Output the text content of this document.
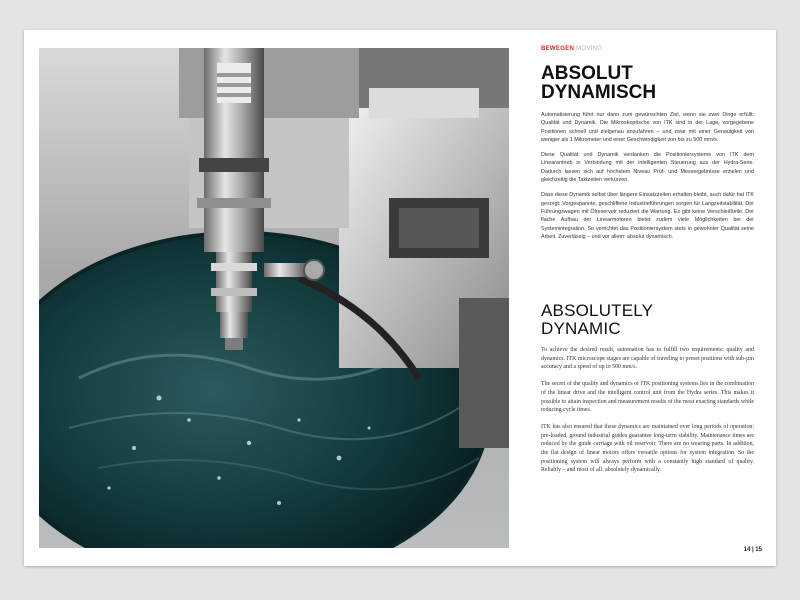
BEWEGEN MOVING
ABSOLUT
DYNAMISCH

Automatisierung führt nur dann zum gewünschten Ziel, wenn sie zwei Dinge erfüllt: Qualität und Dynamik. Die Mikroskoptische von ITK sind in der Lage, vorgegebene Positionen schnell und zielgenau anzufahren – und zwar mit einer Genauigkeit von weniger als 1 Mikrometer und einer Geschwindigkeit von bis zu 500 mm/s.

Diese Qualität und Dynamik verdanken die Positioniersysteme von ITK dem Linearantrieb in Verbindung mit der intelligenten Steuerung aus der Hydra-Serie. Dadurch lassen sich auf höchstem Niveau Prüf- und Messergebnisse erzielen und gleichzeitig die Taktzeiten verkürzen.

Dass diese Dynamik selbst über längere Einsatzzeiten erhalten bleibt, auch dafür hat ITK gesorgt: Vorgespannte, geschliffene Industrieführungen sorgen für Langzeitstabilität. Der Führungswagen mit Ölreservoir reduziert die Wartung. Es gibt keine Verschleißteile. Der flache Aufbau der Linearmotoren bietet zudem viele Möglichkeiten bei der Systemintegration. So verrichtet das Positioniersystem stets in gewohnter Qualität seine Arbeit. Zuverlässig – und vor allem: absolut dynamisch.

ABSOLUTELY
DYNAMIC

To achieve the desired result, automation has to fulfill two requirements: quality and dynamics. ITK microscope stages are capable of traveling to preset positions with sub-µm accuracy and a speed of up to 500 mm/s.

The secret of the quality and dynamics of ITK positioning systems lies in the combination of the linear drive and the intelligent control unit from the Hydra series. This makes it possible to attain inspection and measurement results of the most exacting standards while reducing cycle times.

ITK has also ensured that these dynamics are maintained over long periods of operation: pre-loaded, ground industrial guides guarantee long-term stability. Maintenance times are reduced by the guide carriage with oil reservoir. There are no wearing parts. In addition, the flat design of linear motors offers versatile options for system integration. So the positioning system will always perform with a constantly high standard of quality. Reliably – and most of all: absolutely dynamically.

14 | 15
